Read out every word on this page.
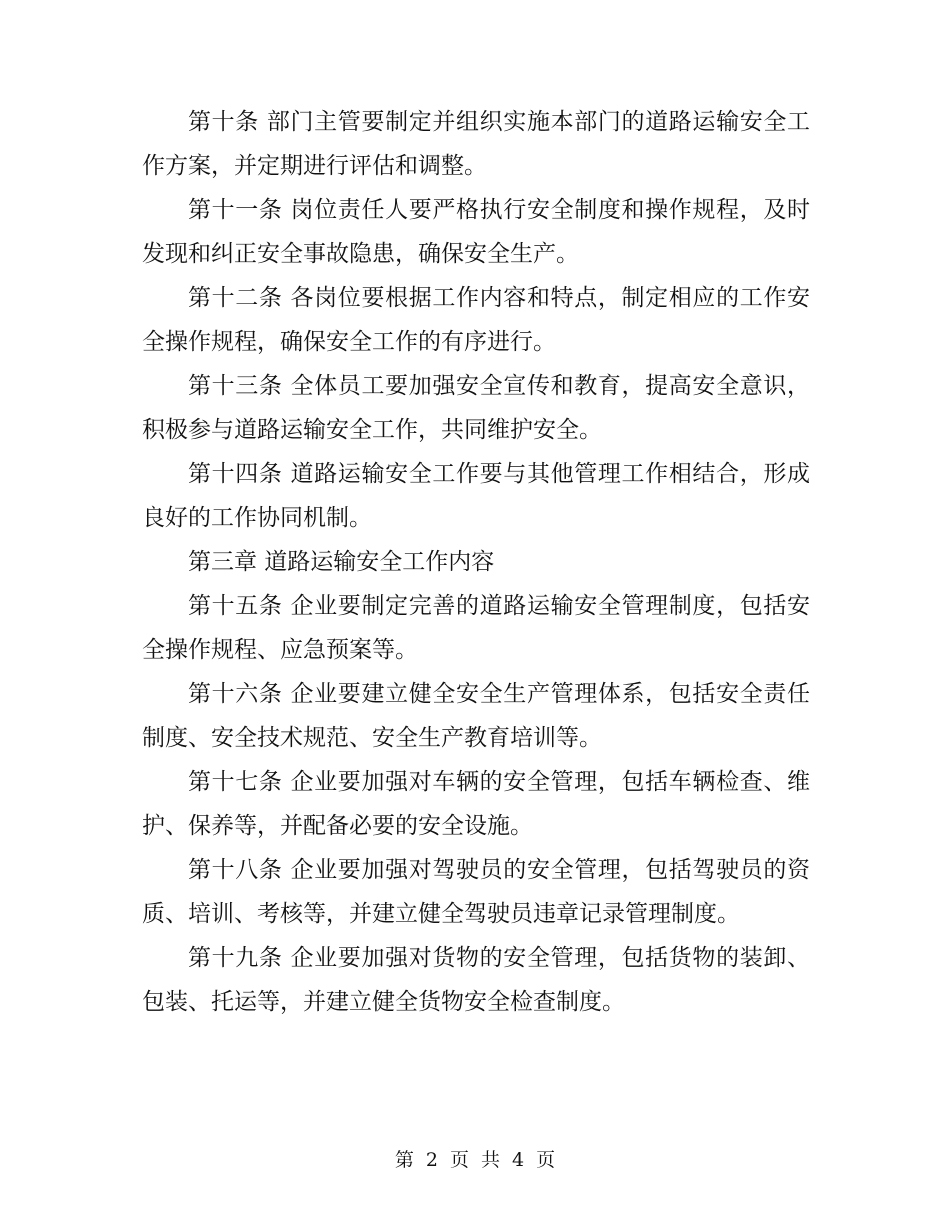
第十条 部门主管要制定并组织实施本部门的道路运输安全工作方案，并定期进行评估和调整。

第十一条 岗位责任人要严格执行安全制度和操作规程，及时发现和纠正安全事故隐患，确保安全生产。

第十二条 各岗位要根据工作内容和特点，制定相应的工作安全操作规程，确保安全工作的有序进行。

第十三条 全体员工要加强安全宣传和教育，提高安全意识，积极参与道路运输安全工作，共同维护安全。

第十四条 道路运输安全工作要与其他管理工作相结合，形成良好的工作协同机制。

第三章 道路运输安全工作内容

第十五条 企业要制定完善的道路运输安全管理制度，包括安全操作规程、应急预案等。

第十六条 企业要建立健全安全生产管理体系，包括安全责任制度、安全技术规范、安全生产教育培训等。

第十七条 企业要加强对车辆的安全管理，包括车辆检查、维护、保养等，并配备必要的安全设施。

第十八条 企业要加强对驾驶员的安全管理，包括驾驶员的资质、培训、考核等，并建立健全驾驶员违章记录管理制度。

第十九条 企业要加强对货物的安全管理，包括货物的装卸、包装、托运等，并建立健全货物安全检查制度。

第 2 页 共 4 页
